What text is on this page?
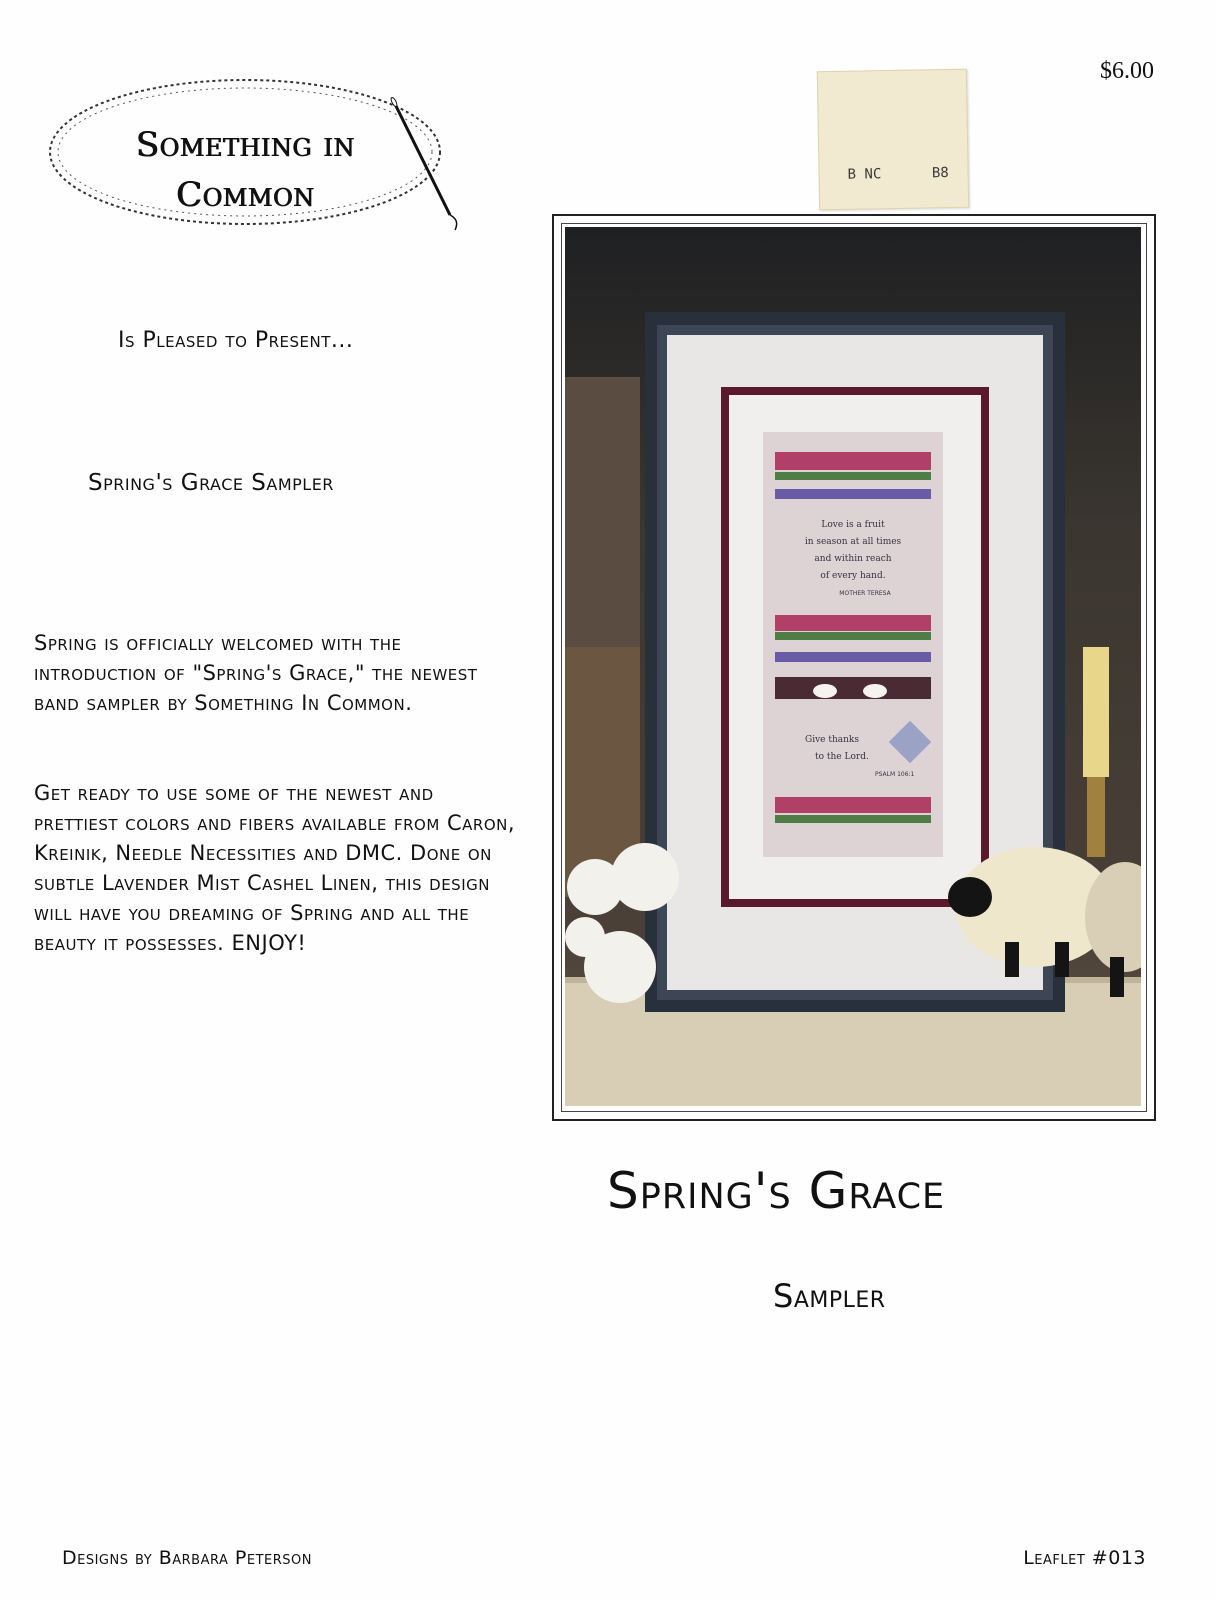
Something in
Common
$6.00

B NC      B8

Is Pleased to Present...
Spring's Grace Sampler
Spring is officially welcomed with the introduction of "Spring's Grace," the newest band sampler by Something In Common.
Get ready to use some of the newest and prettiest colors and fibers available from Caron, Kreinik, Needle Necessities and DMC. Done on subtle Lavender Mist Cashel Linen, this design will have you dreaming of Spring and all the beauty it possesses. ENJOY!
Love is a fruit
in season at all times
and within reach
of every hand.
MOTHER TERESA
Give thanks
to the Lord.
PSALM 106:1
Spring's Grace
Sampler
Designs by Barbara Peterson	Leaflet #013
